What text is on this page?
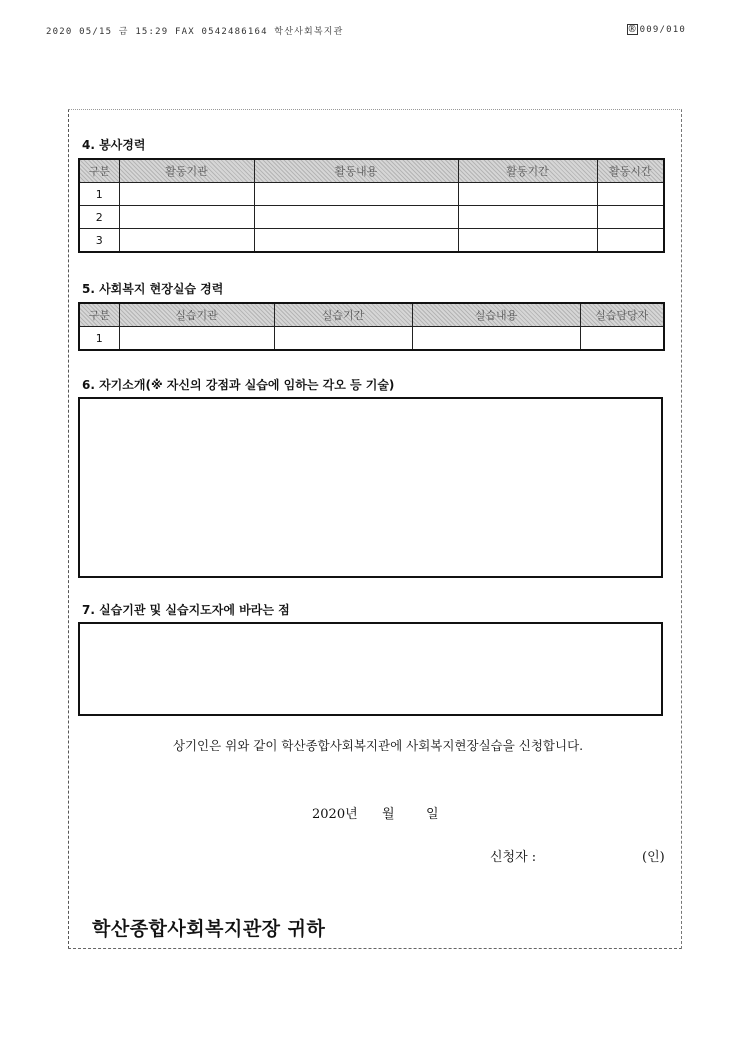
2020 05/15 금 15:29 FAX 0542486164 학산사회복지관	Ⓡ 009/010
4. 봉사경력
구분	활동기관	활동내용	활동기간	활동시간
1				
2				
3				
5. 사회복지 현장실습 경력
구분	실습기관	실습기간	실습내용	실습담당자
1				
6. 자기소개(※ 자신의 강점과 실습에 임하는 각오 등 기술)
7. 실습기관 및 실습지도자에 바라는 점
상기인은 위와 같이 학산종합사회복지관에 사회복지현장실습을 신청합니다.
2020년	월	일
신청자 :	(인)
학산종합사회복지관장 귀하
